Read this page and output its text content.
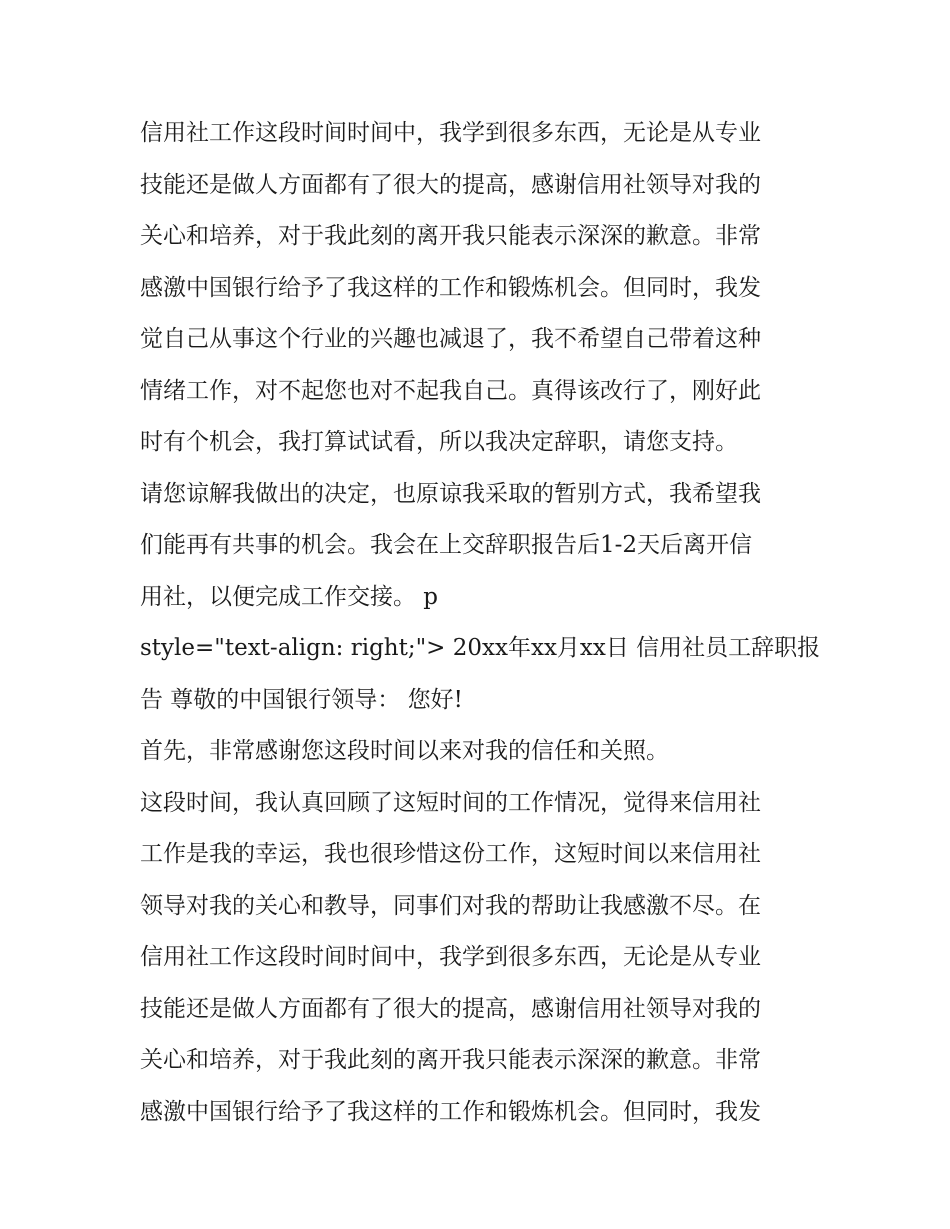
信用社工作这段时间时间中，我学到很多东西，无论是从专业
技能还是做人方面都有了很大的提高，感谢信用社领导对我的
关心和培养，对于我此刻的离开我只能表示深深的歉意。非常
感激中国银行给予了我这样的工作和锻炼机会。但同时，我发
觉自己从事这个行业的兴趣也减退了，我不希望自己带着这种
情绪工作，对不起您也对不起我自己。真得该改行了，刚好此
时有个机会，我打算试试看，所以我决定辞职，请您支持。
请您谅解我做出的决定，也原谅我采取的暂别方式，我希望我
们能再有共事的机会。我会在上交辞职报告后1-2天后离开信
用社，以便完成工作交接。 p
style="text-align: right;"> 20xx年xx月xx日 信用社员工辞职报
告 尊敬的中国银行领导： 您好!
首先，非常感谢您这段时间以来对我的信任和关照。
这段时间，我认真回顾了这短时间的工作情况，觉得来信用社
工作是我的幸运，我也很珍惜这份工作，这短时间以来信用社
领导对我的关心和教导，同事们对我的帮助让我感激不尽。在
信用社工作这段时间时间中，我学到很多东西，无论是从专业
技能还是做人方面都有了很大的提高，感谢信用社领导对我的
关心和培养，对于我此刻的离开我只能表示深深的歉意。非常
感激中国银行给予了我这样的工作和锻炼机会。但同时，我发
